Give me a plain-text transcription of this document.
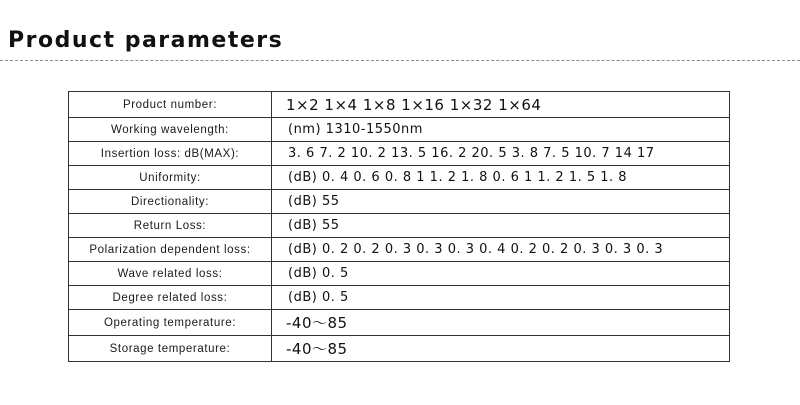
Product parameters
Product number:	1×2 1×4 1×8 1×16 1×32 1×64
Working wavelength:	(nm) 1310-1550nm
Insertion loss: dB(MAX):	3. 6 7. 2 10. 2 13. 5 16. 2 20. 5 3. 8 7. 5 10. 7 14 17
Uniformity:	(dB) 0. 4 0. 6 0. 8 1 1. 2 1. 8 0. 6 1 1. 2 1. 5 1. 8
Directionality:	(dB) 55
Return Loss:	(dB) 55
Polarization dependent loss:	(dB) 0. 2 0. 2 0. 3 0. 3 0. 3 0. 4 0. 2 0. 2 0. 3 0. 3 0. 3
Wave related loss:	(dB) 0. 5
Degree related loss:	(dB) 0. 5
Operating temperature:	-40～85
Storage temperature:	-40～85
